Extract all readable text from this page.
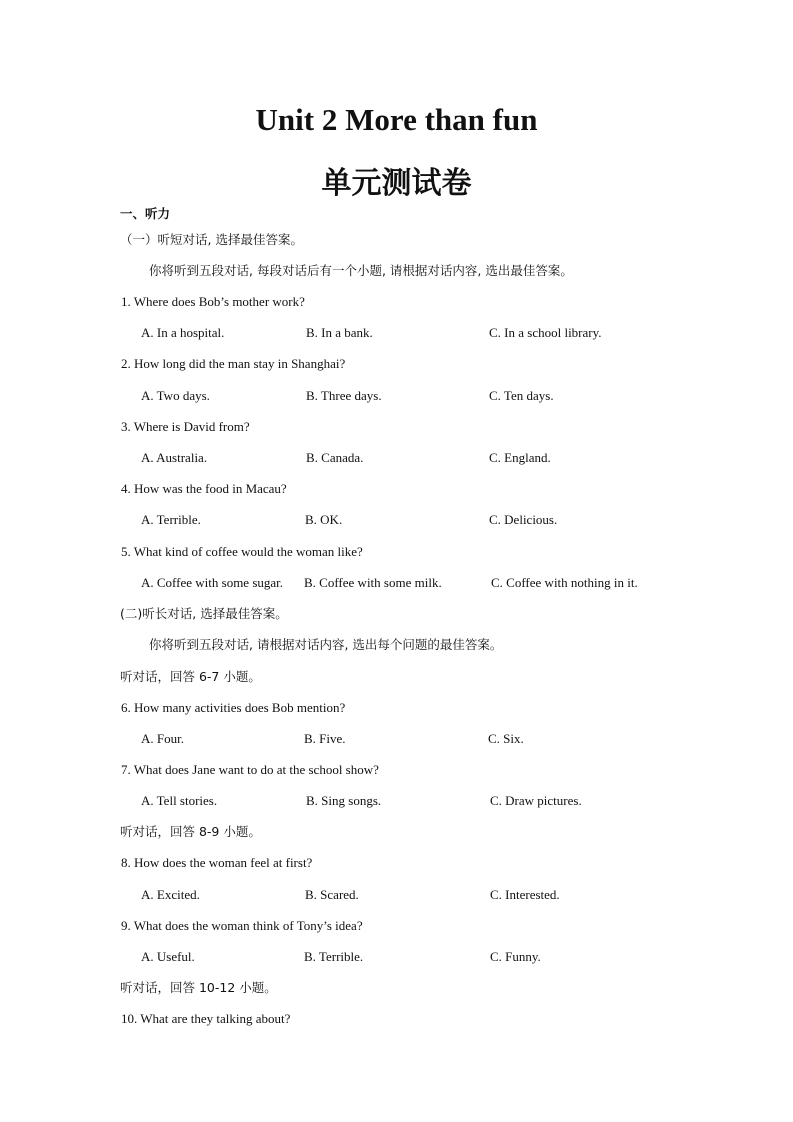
Unit 2 More than fun
单元测试卷
一、听力
（一）听短对话, 选择最佳答案。
你将听到五段对话, 每段对话后有一个小题, 请根据对话内容, 选出最佳答案。
1. Where does Bob’s mother work?
A. In a hospital.	B. In a bank.	C. In a school library.
2. How long did the man stay in Shanghai?
A. Two days.	B. Three days.	C. Ten days.
3. Where is David from?
A. Australia.	B. Canada.	C. England.
4. How was the food in Macau?
A. Terrible.	B. OK.	C. Delicious.
5. What kind of coffee would the woman like?
A. Coffee with some sugar. B. Coffee with some milk.	C. Coffee with nothing in it.
(二)听长对话, 选择最佳答案。
你将听到五段对话, 请根据对话内容, 选出每个问题的最佳答案。
听对话，回答 6-7 小题。
6. How many activities does Bob mention?
A. Four.	B. Five.	C. Six.
7. What does Jane want to do at the school show?
A. Tell stories.	B. Sing songs.	C. Draw pictures.
听对话，回答 8-9 小题。
8. How does the woman feel at first?
A. Excited.	B. Scared.	C. Interested.
9. What does the woman think of Tony’s idea?
A. Useful.	B. Terrible.	C. Funny.
听对话，回答 10-12 小题。
10. What are they talking about?
